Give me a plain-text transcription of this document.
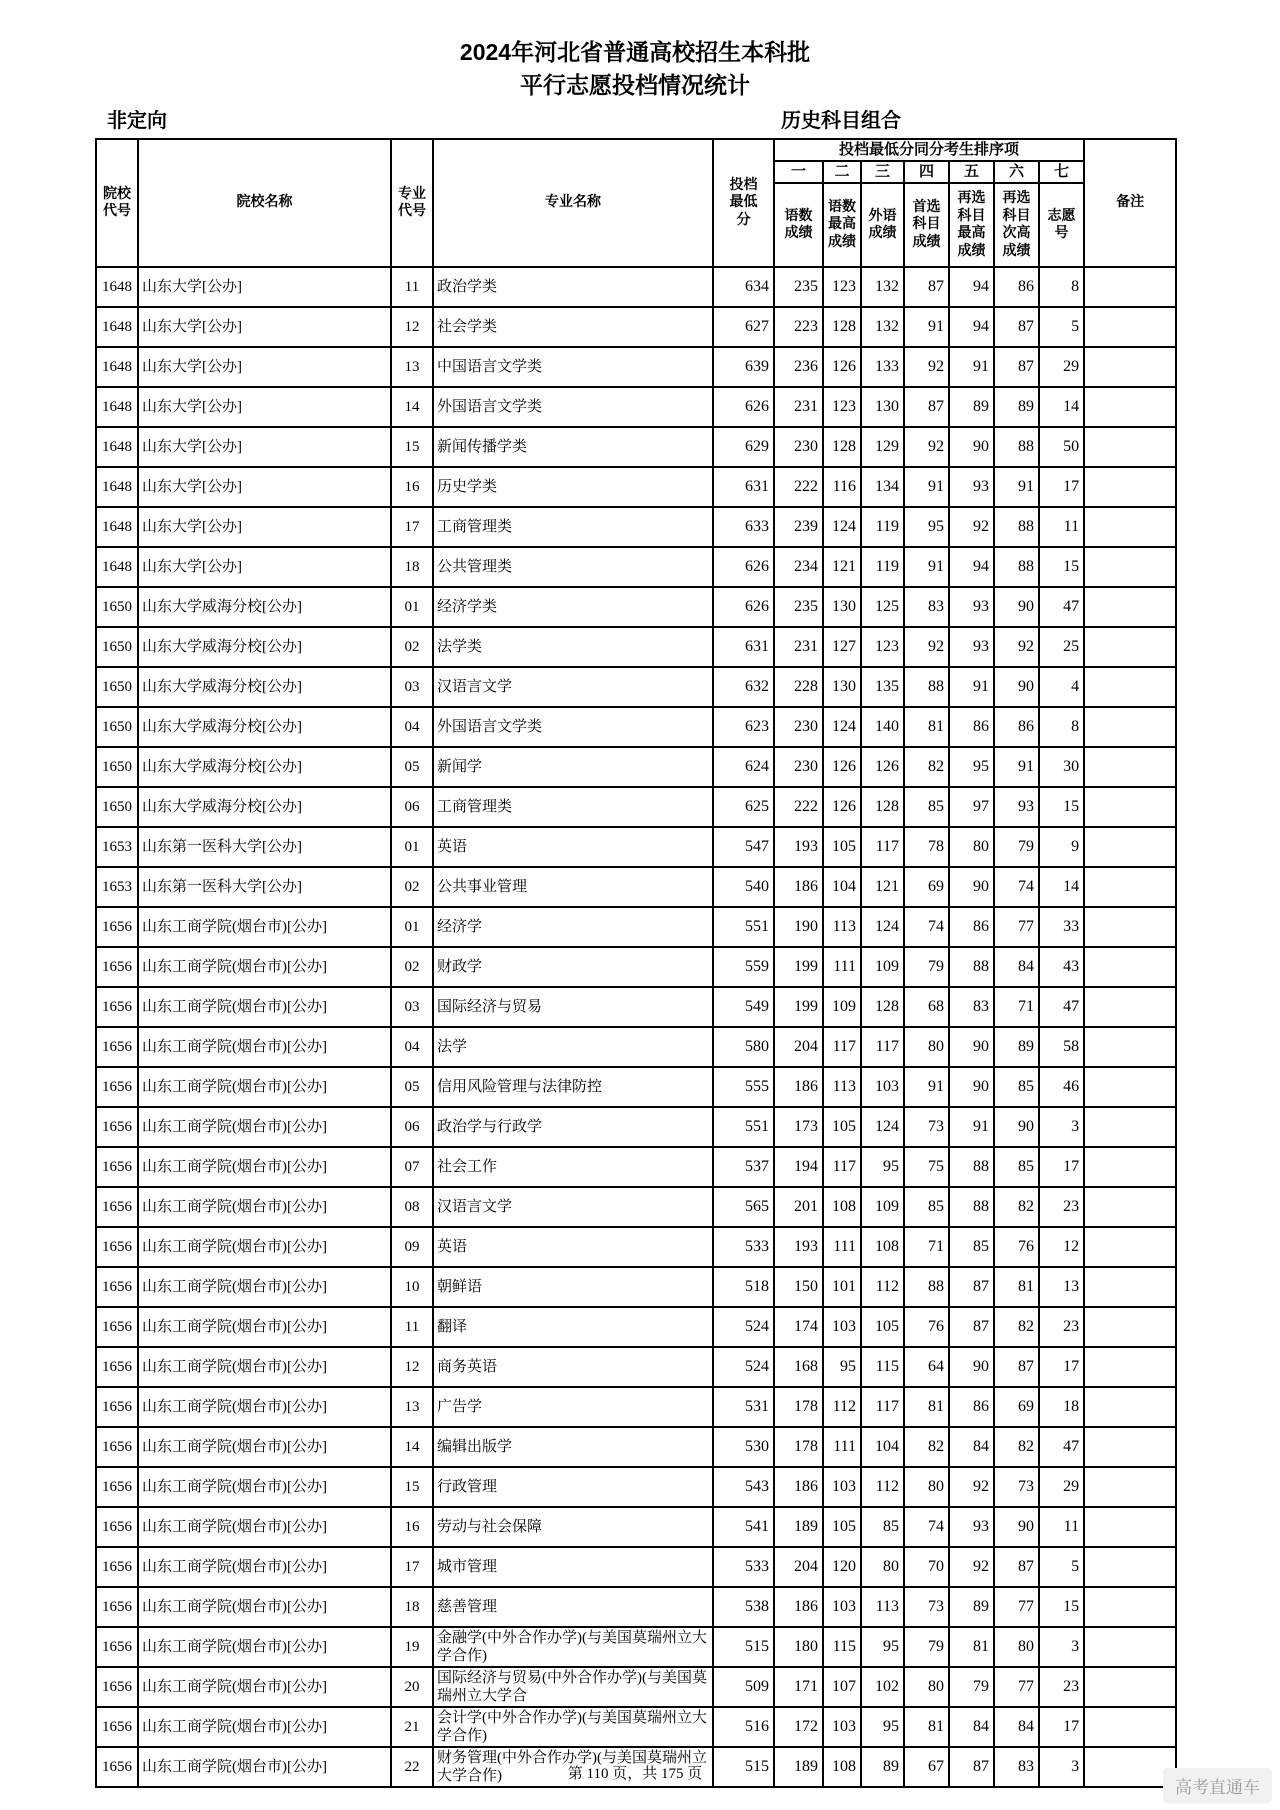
2024年河北省普通高校招生本科批
平行志愿投档情况统计
非定向	历史科目组合
院校代号	院校名称	专业代号	专业名称	投档最低分	投档最低分同分考生排序项							备注
					一	二	三	四	五	六	七	
					语数成绩	语数最高成绩	外语成绩	首选科目成绩	再选科目最高成绩	再选科目次高成绩	志愿号	
1648	山东大学[公办]	11	政治学类	634	235	123	132	87	94	86	8	
1648	山东大学[公办]	12	社会学类	627	223	128	132	91	94	87	5	
1648	山东大学[公办]	13	中国语言文学类	639	236	126	133	92	91	87	29	
1648	山东大学[公办]	14	外国语言文学类	626	231	123	130	87	89	89	14	
1648	山东大学[公办]	15	新闻传播学类	629	230	128	129	92	90	88	50	
1648	山东大学[公办]	16	历史学类	631	222	116	134	91	93	91	17	
1648	山东大学[公办]	17	工商管理类	633	239	124	119	95	92	88	11	
1648	山东大学[公办]	18	公共管理类	626	234	121	119	91	94	88	15	
1650	山东大学威海分校[公办]	01	经济学类	626	235	130	125	83	93	90	47	
1650	山东大学威海分校[公办]	02	法学类	631	231	127	123	92	93	92	25	
1650	山东大学威海分校[公办]	03	汉语言文学	632	228	130	135	88	91	90	4	
1650	山东大学威海分校[公办]	04	外国语言文学类	623	230	124	140	81	86	86	8	
1650	山东大学威海分校[公办]	05	新闻学	624	230	126	126	82	95	91	30	
1650	山东大学威海分校[公办]	06	工商管理类	625	222	126	128	85	97	93	15	
1653	山东第一医科大学[公办]	01	英语	547	193	105	117	78	80	79	9	
1653	山东第一医科大学[公办]	02	公共事业管理	540	186	104	121	69	90	74	14	
1656	山东工商学院(烟台市)[公办]	01	经济学	551	190	113	124	74	86	77	33	
1656	山东工商学院(烟台市)[公办]	02	财政学	559	199	111	109	79	88	84	43	
1656	山东工商学院(烟台市)[公办]	03	国际经济与贸易	549	199	109	128	68	83	71	47	
1656	山东工商学院(烟台市)[公办]	04	法学	580	204	117	117	80	90	89	58	
1656	山东工商学院(烟台市)[公办]	05	信用风险管理与法律防控	555	186	113	103	91	90	85	46	
1656	山东工商学院(烟台市)[公办]	06	政治学与行政学	551	173	105	124	73	91	90	3	
1656	山东工商学院(烟台市)[公办]	07	社会工作	537	194	117	95	75	88	85	17	
1656	山东工商学院(烟台市)[公办]	08	汉语言文学	565	201	108	109	85	88	82	23	
1656	山东工商学院(烟台市)[公办]	09	英语	533	193	111	108	71	85	76	12	
1656	山东工商学院(烟台市)[公办]	10	朝鲜语	518	150	101	112	88	87	81	13	
1656	山东工商学院(烟台市)[公办]	11	翻译	524	174	103	105	76	87	82	23	
1656	山东工商学院(烟台市)[公办]	12	商务英语	524	168	95	115	64	90	87	17	
1656	山东工商学院(烟台市)[公办]	13	广告学	531	178	112	117	81	86	69	18	
1656	山东工商学院(烟台市)[公办]	14	编辑出版学	530	178	111	104	82	84	82	47	
1656	山东工商学院(烟台市)[公办]	15	行政管理	543	186	103	112	80	92	73	29	
1656	山东工商学院(烟台市)[公办]	16	劳动与社会保障	541	189	105	85	74	93	90	11	
1656	山东工商学院(烟台市)[公办]	17	城市管理	533	204	120	80	70	92	87	5	
1656	山东工商学院(烟台市)[公办]	18	慈善管理	538	186	103	113	73	89	77	15	
1656	山东工商学院(烟台市)[公办]	19	金融学(中外合作办学)(与美国莫瑞州立大学合作)	515	180	115	95	79	81	80	3	
1656	山东工商学院(烟台市)[公办]	20	国际经济与贸易(中外合作办学)(与美国莫瑞州立大学合	509	171	107	102	80	79	77	23	
1656	山东工商学院(烟台市)[公办]	21	会计学(中外合作办学)(与美国莫瑞州立大学合作)	516	172	103	95	81	84	84	17	
1656	山东工商学院(烟台市)[公办]	22	财务管理(中外合作办学)(与美国莫瑞州立大学合作)	515	189	108	89	67	87	83	3	
第 110 页，共 175 页
高考直通车
